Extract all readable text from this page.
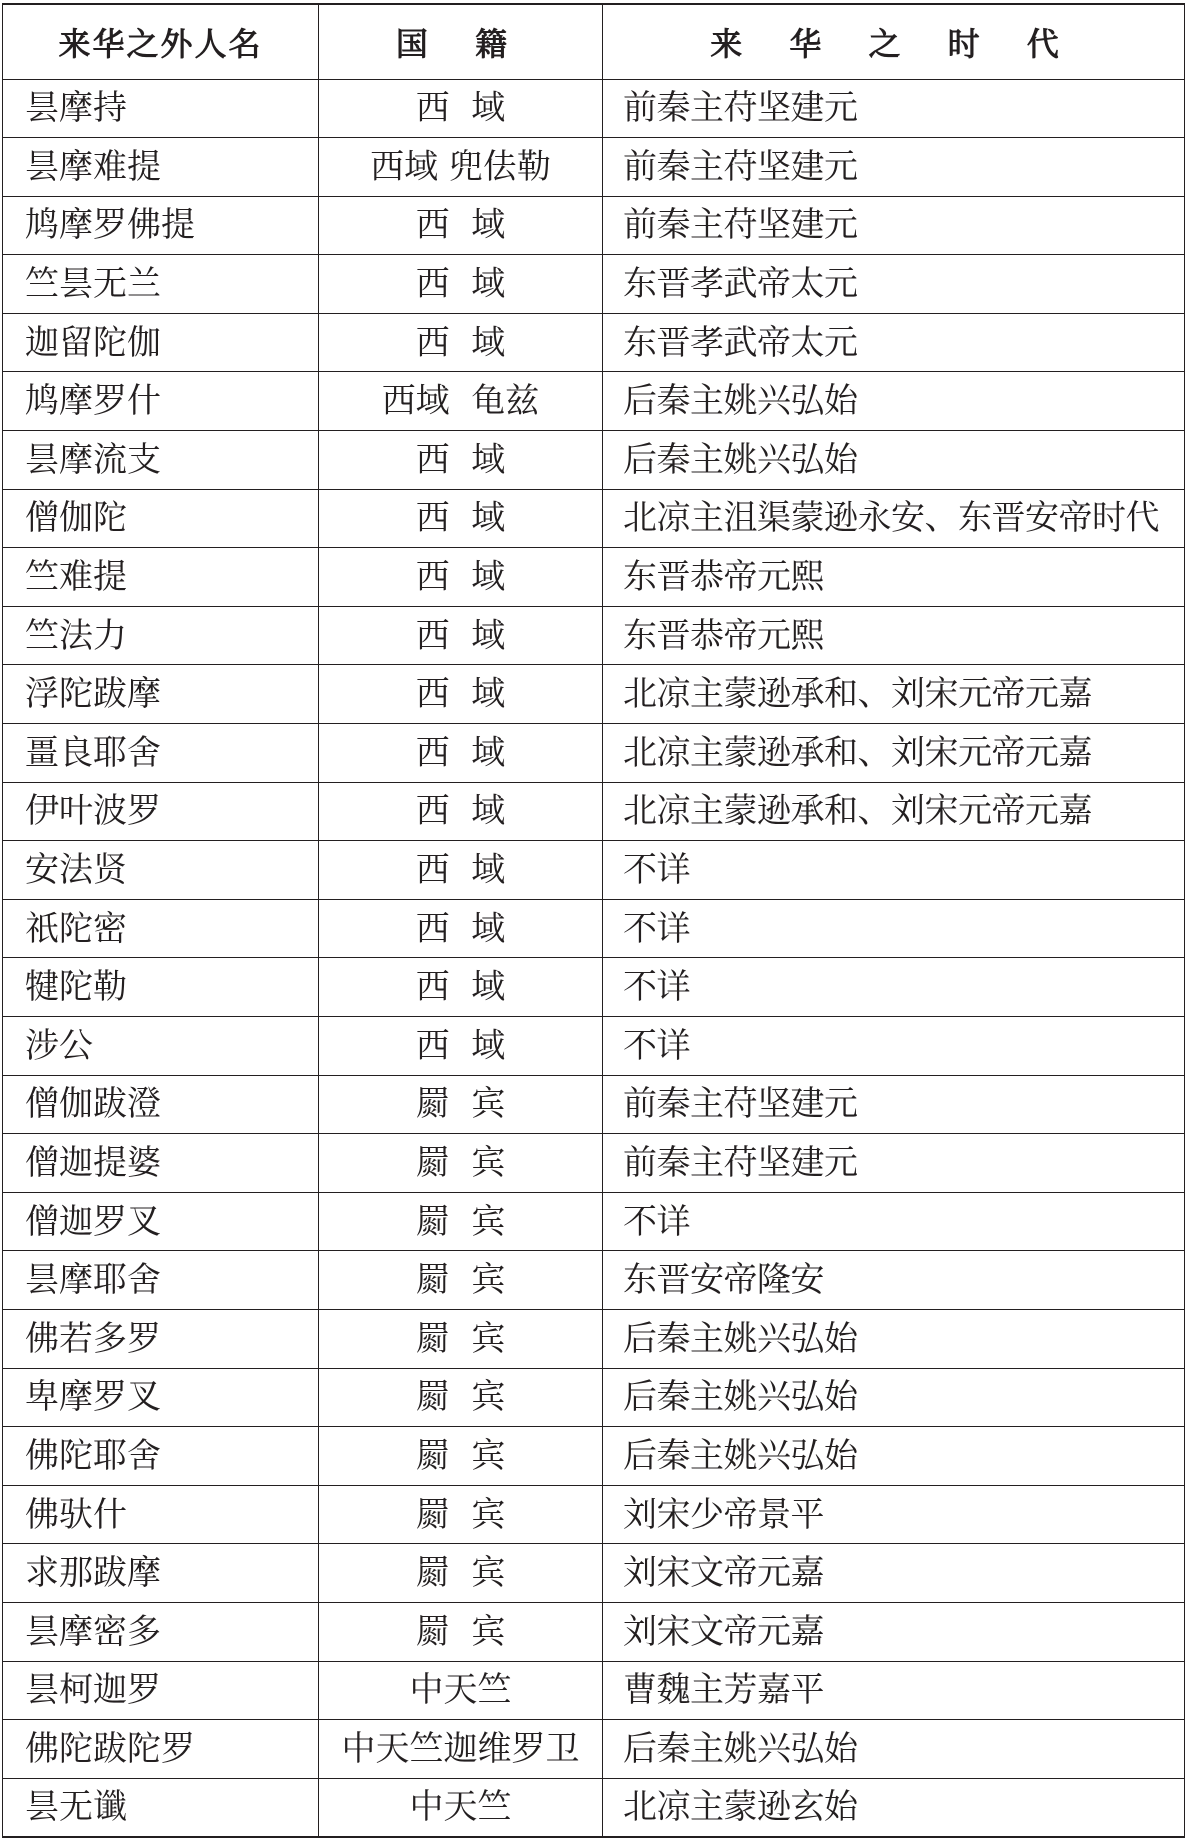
来华之外人名	国 籍	来 华 之 时 代
昙摩持	西  域	前秦主苻坚建元
昙摩难提	西域 兜佉勒	前秦主苻坚建元
鸠摩罗佛提	西  域	前秦主苻坚建元
竺昙无兰	西  域	东晋孝武帝太元
迦留陀伽	西  域	东晋孝武帝太元
鸠摩罗什	西域  龟兹	后秦主姚兴弘始
昙摩流支	西  域	后秦主姚兴弘始
僧伽陀	西  域	北凉主沮渠蒙逊永安、东晋安帝时代
竺难提	西  域	东晋恭帝元熙
竺法力	西  域	东晋恭帝元熙
浮陀跋摩	西  域	北凉主蒙逊承和、刘宋元帝元嘉
畺良耶舍	西  域	北凉主蒙逊承和、刘宋元帝元嘉
伊叶波罗	西  域	北凉主蒙逊承和、刘宋元帝元嘉
安法贤	西  域	不详
祇陀密	西  域	不详
犍陀勒	西  域	不详
涉公	西  域	不详
僧伽跋澄	罽  宾	前秦主苻坚建元
僧迦提婆	罽  宾	前秦主苻坚建元
僧迦罗叉	罽  宾	不详
昙摩耶舍	罽  宾	东晋安帝隆安
佛若多罗	罽  宾	后秦主姚兴弘始
卑摩罗叉	罽  宾	后秦主姚兴弘始
佛陀耶舍	罽  宾	后秦主姚兴弘始
佛驮什	罽  宾	刘宋少帝景平
求那跋摩	罽  宾	刘宋文帝元嘉
昙摩密多	罽  宾	刘宋文帝元嘉
昙柯迦罗	中天竺	曹魏主芳嘉平
佛陀跋陀罗	中天竺迦维罗卫	后秦主姚兴弘始
昙无谶	中天竺	北凉主蒙逊玄始
